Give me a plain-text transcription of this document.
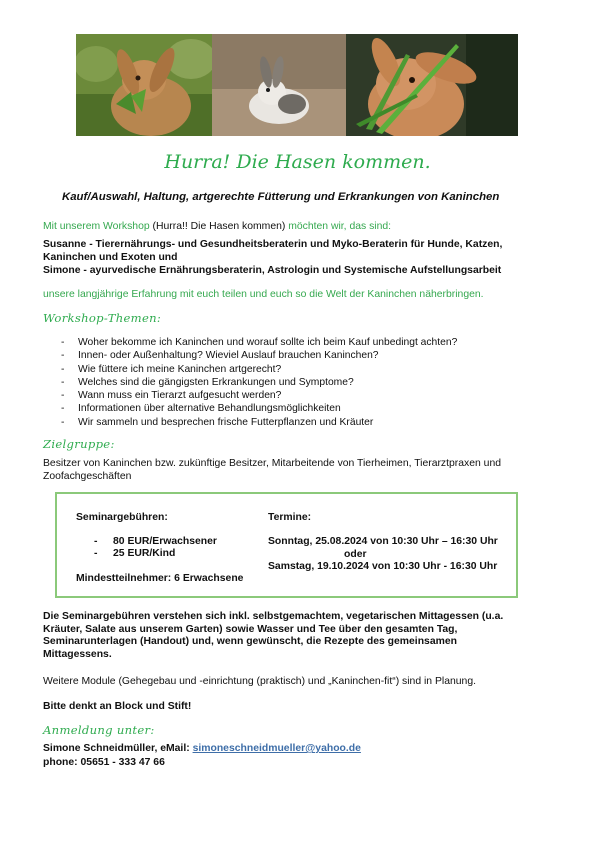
Hurra! Die Hasen kommen.
Kauf/Auswahl, Haltung, artgerechte Fütterung und Erkrankungen von Kaninchen
Mit unserem Workshop (Hurra!! Die Hasen kommen) möchten wir, das sind:
Susanne - Tierernährungs- und Gesundheitsberaterin und Myko-Beraterin für Hunde, Katzen,
Kaninchen und Exoten und
Simone - ayurvedische Ernährungsberaterin, Astrologin und Systemische Aufstellungsarbeit
unsere langjährige Erfahrung mit euch teilen und euch so die Welt der Kaninchen näherbringen.
Workshop-Themen:
-	Woher bekomme ich Kaninchen und worauf sollte ich beim Kauf unbedingt achten?
-	Innen- oder Außenhaltung? Wieviel Auslauf brauchen Kaninchen?
-	Wie füttere ich meine Kaninchen artgerecht?
-	Welches sind die gängigsten Erkrankungen und Symptome?
-	Wann muss ein Tierarzt aufgesucht werden?
-	Informationen über alternative Behandlungsmöglichkeiten
-	Wir sammeln und besprechen frische Futterpflanzen und Kräuter
Zielgruppe:
Besitzer von Kaninchen bzw. zukünftige Besitzer, Mitarbeitende von Tierheimen, Tierarztpraxen und
Zoofachgeschäften
Seminargebühren:
- 80 EUR/Erwachsener
- 25 EUR/Kind
Mindestteilnehmer: 6 Erwachsene
Termine:
Sonntag, 25.08.2024 von 10:30 Uhr – 16:30 Uhr
oder
Samstag, 19.10.2024 von 10:30 Uhr - 16:30 Uhr
Die Seminargebühren verstehen sich inkl. selbstgemachtem, vegetarischen Mittagessen (u.a.
Kräuter, Salate aus unserem Garten) sowie Wasser und Tee über den gesamten Tag,
Seminarunterlagen (Handout) und, wenn gewünscht, die Rezepte des gemeinsamen
Mittagessens.
Weitere Module (Gehegebau und -einrichtung (praktisch) und „Kaninchen-fit“) sind in Planung.
Bitte denkt an Block und Stift!
Anmeldung unter:
Simone Schneidmüller, eMail: simoneschneidmueller@yahoo.de
phone: 05651 - 333 47 66
